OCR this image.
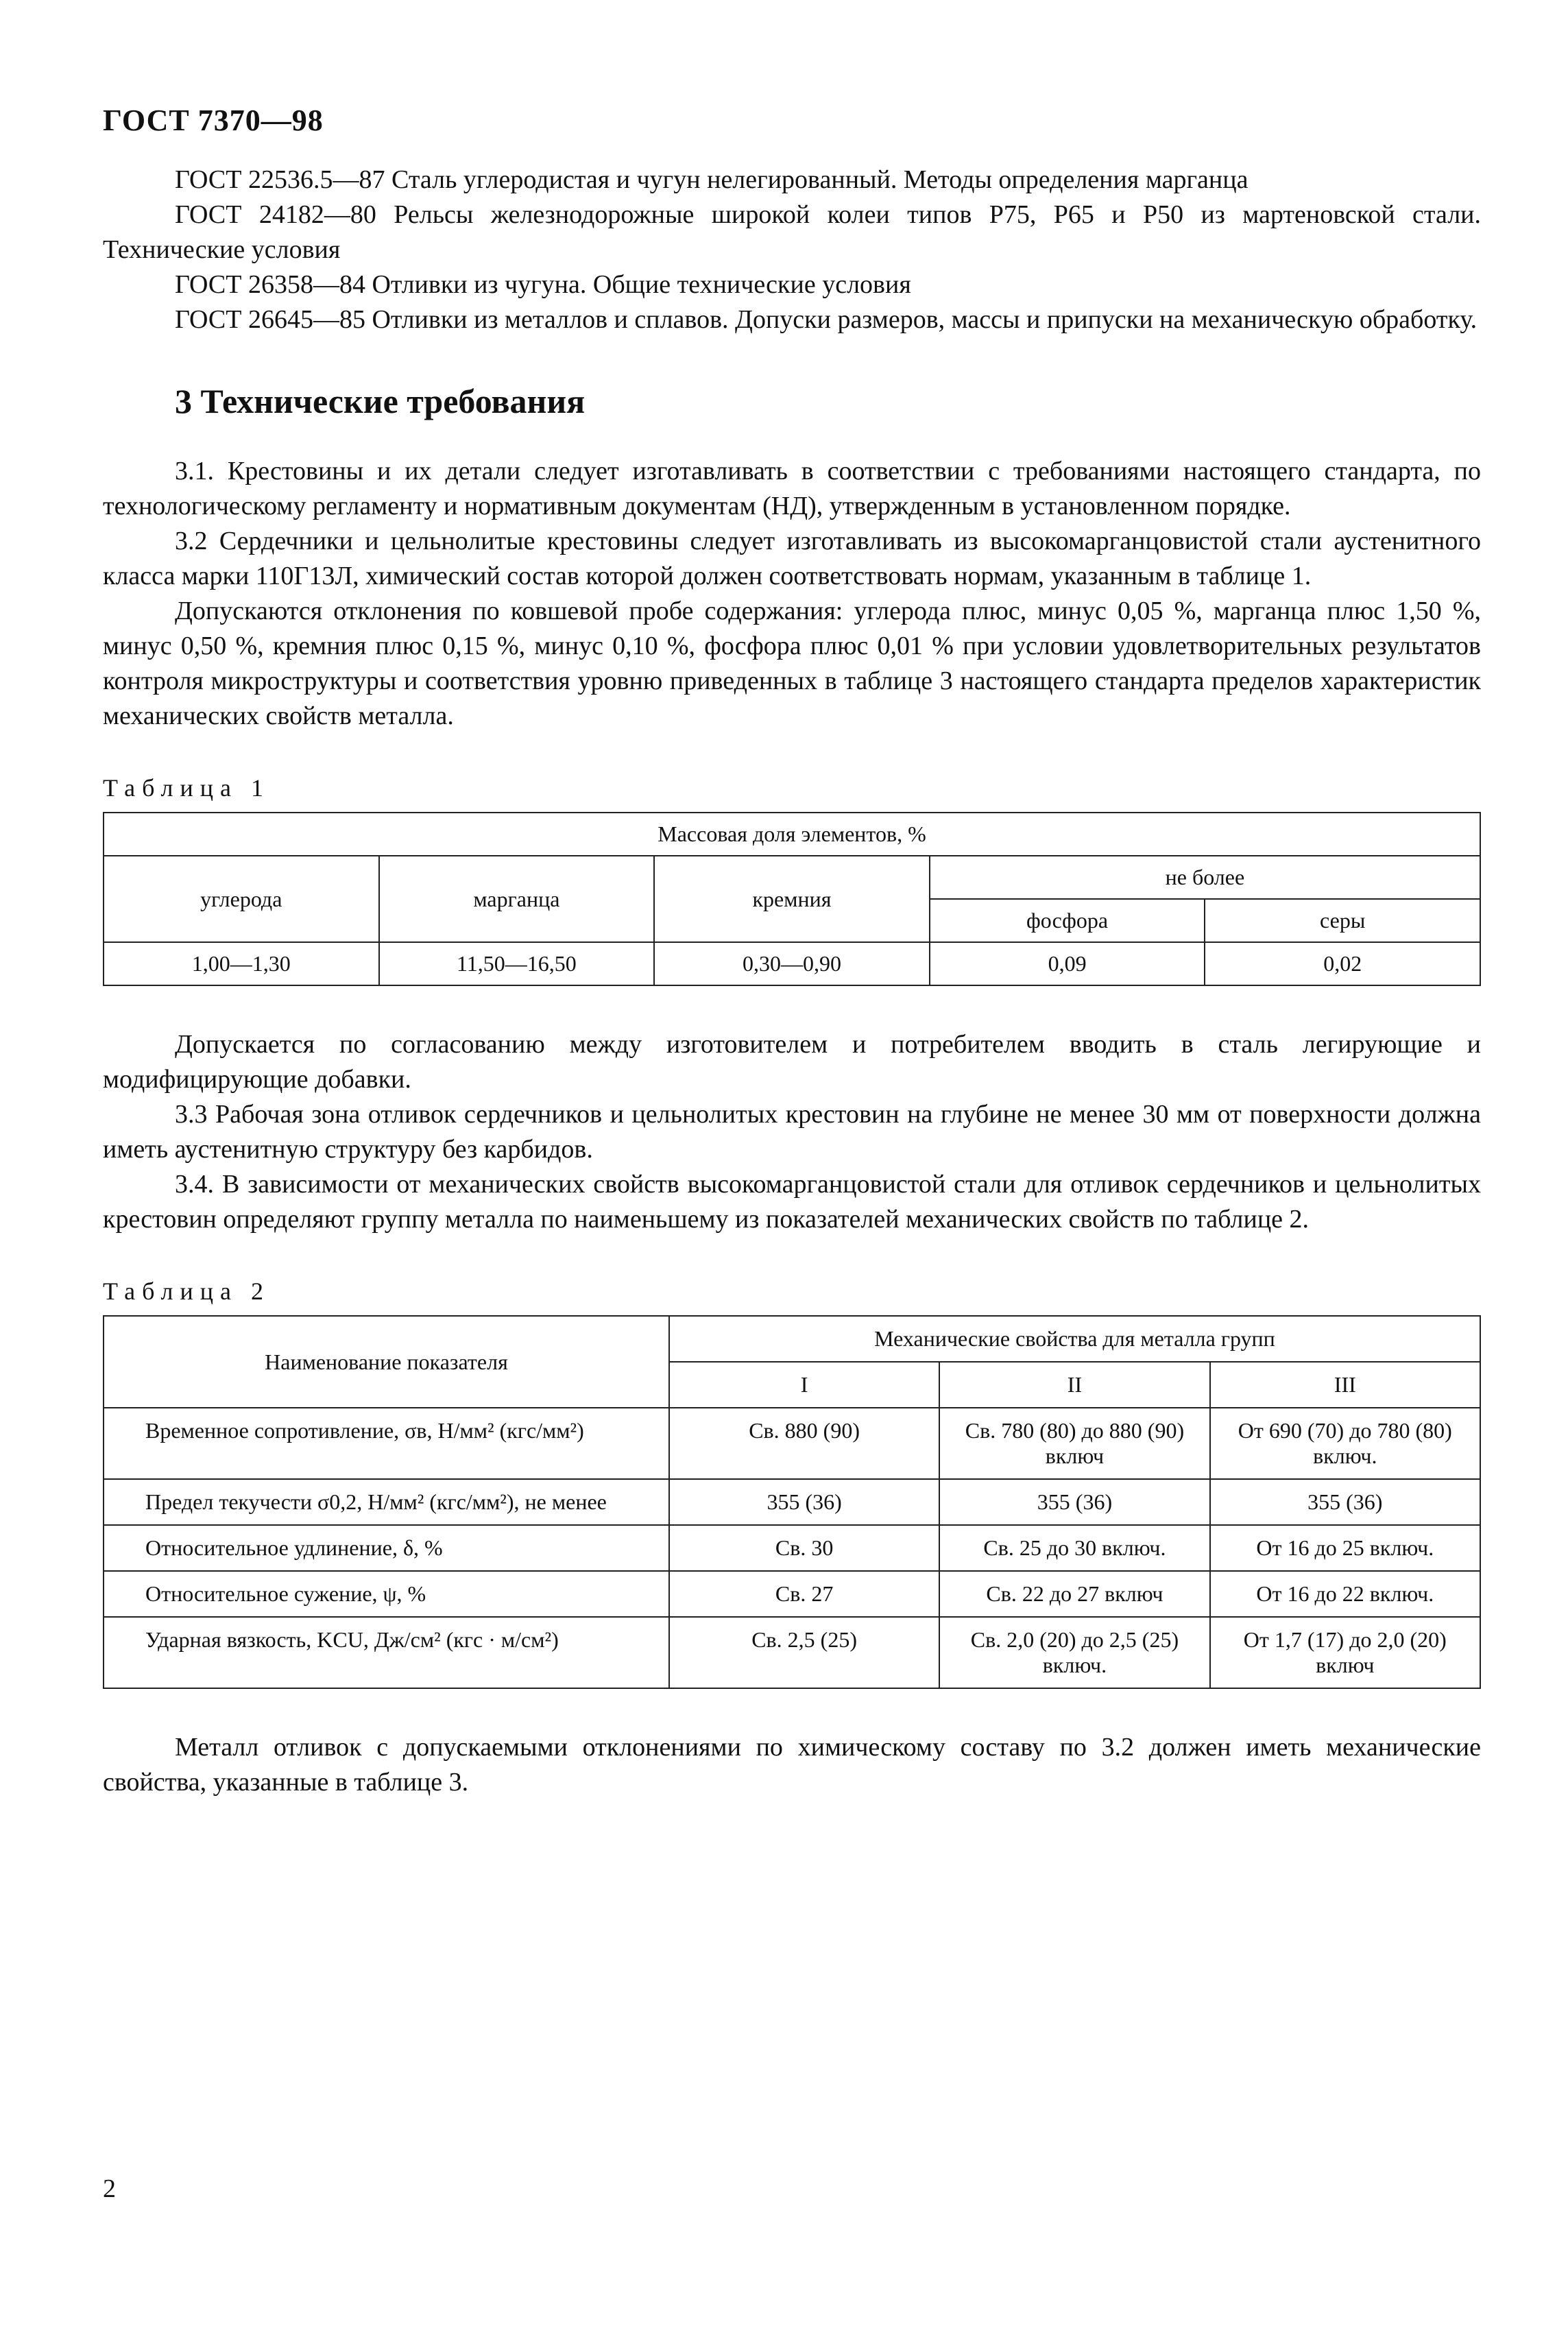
ГОСТ 7370—98

ГОСТ 22536.5—87 Сталь углеродистая и чугун нелегированный. Методы определения марганца

ГОСТ 24182—80 Рельсы железнодорожные широкой колеи типов Р75, Р65 и Р50 из мартеновской стали. Технические условия

ГОСТ 26358—84 Отливки из чугуна. Общие технические условия

ГОСТ 26645—85 Отливки из металлов и сплавов. Допуски размеров, массы и припуски на механическую обработку.

3 Технические требования

3.1. Крестовины и их детали следует изготавливать в соответствии с требованиями настоящего стандарта, по технологическому регламенту и нормативным документам (НД), утвержденным в установленном порядке.

3.2 Сердечники и цельнолитые крестовины следует изготавливать из высокомарганцовистой стали аустенитного класса марки 110Г13Л, химический состав которой должен соответствовать нормам, указанным в таблице 1.

Допускаются отклонения по ковшевой пробе содержания: углерода плюс, минус 0,05 %, марганца плюс 1,50 %, минус 0,50 %, кремния плюс 0,15 %, минус 0,10 %, фосфора плюс 0,01 % при условии удовлетворительных результатов контроля микроструктуры и соответствия уровню приведенных в таблице 3 настоящего стандарта пределов характеристик механических свойств металла.

Таблица 1
Массовая доля элементов, %				
углерода	марганца	кремния	не более	
			фосфора	серы
1,00—1,30	11,50—16,50	0,30—0,90	0,09	0,02

Допускается по согласованию между изготовителем и потребителем вводить в сталь легирующие и модифицирующие добавки.

3.3 Рабочая зона отливок сердечников и цельнолитых крестовин на глубине не менее 30 мм от поверхности должна иметь аустенитную структуру без карбидов.

3.4. В зависимости от механических свойств высокомарганцовистой стали для отливок сердечников и цельнолитых крестовин определяют группу металла по наименьшему из показателей механических свойств по таблице 2.

Таблица 2
Наименование показателя	Механические свойства для металла групп		
	I	II	III
Временное сопротивление, σв, Н/мм² (кгс/мм²)	Св. 880 (90)	Св. 780 (80) до 880 (90) включ	От 690 (70) до 780 (80) включ.
Предел текучести σ0,2, Н/мм² (кгс/мм²), не менее	355 (36)	355 (36)	355 (36)
Относительное удлинение, δ, %	Св. 30	Св. 25 до 30 включ.	От 16 до 25 включ.
Относительное сужение, ψ, %	Св. 27	Св. 22 до 27 включ	От 16 до 22 включ.
Ударная вязкость, KCU, Дж/см² (кгс · м/см²)	Св. 2,5 (25)	Св. 2,0 (20) до 2,5 (25) включ.	От 1,7 (17) до 2,0 (20) включ

Металл отливок с допускаемыми отклонениями по химическому составу по 3.2 должен иметь механические свойства, указанные в таблице 3.

2
